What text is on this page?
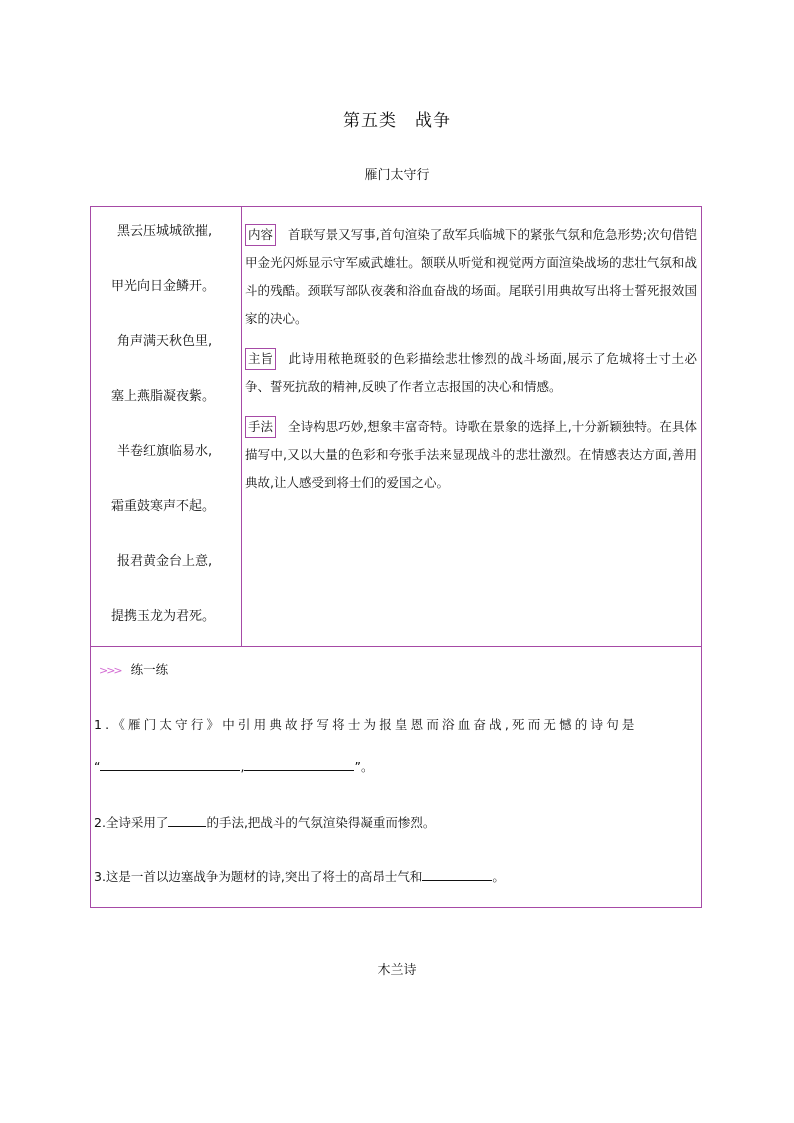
第五类　战争
雁门太守行
黑云压城城欲摧,
甲光向日金鳞开。
角声满天秋色里,
塞上燕脂凝夜紫。
半卷红旗临易水,
霜重鼓寒声不起。
报君黄金台上意,
提携玉龙为君死。
内容 首联写景又写事,首句渲染了敌军兵临城下的紧张气氛和危急形势;次句借铠甲金光闪烁显示守军威武雄壮。颔联从听觉和视觉两方面渲染战场的悲壮气氛和战斗的残酷。颈联写部队夜袭和浴血奋战的场面。尾联引用典故写出将士誓死报效国家的决心。
主旨 此诗用秾艳斑驳的色彩描绘悲壮惨烈的战斗场面,展示了危城将士寸土必争、誓死抗敌的精神,反映了作者立志报国的决心和情感。
手法 全诗构思巧妙,想象丰富奇特。诗歌在景象的选择上,十分新颖独特。在具体描写中,又以大量的色彩和夸张手法来显现战斗的悲壮激烈。在情感表达方面,善用典故,让人感受到将士们的爱国之心。
>>> 练一练
1.《雁门太守行》中引用典故抒写将士为报皇恩而浴血奋战,死而无憾的诗句是
“	,	”。
2.全诗采用了	的手法,把战斗的气氛渲染得凝重而惨烈。
3.这是一首以边塞战争为题材的诗,突出了将士的高昂士气和	。
木兰诗
